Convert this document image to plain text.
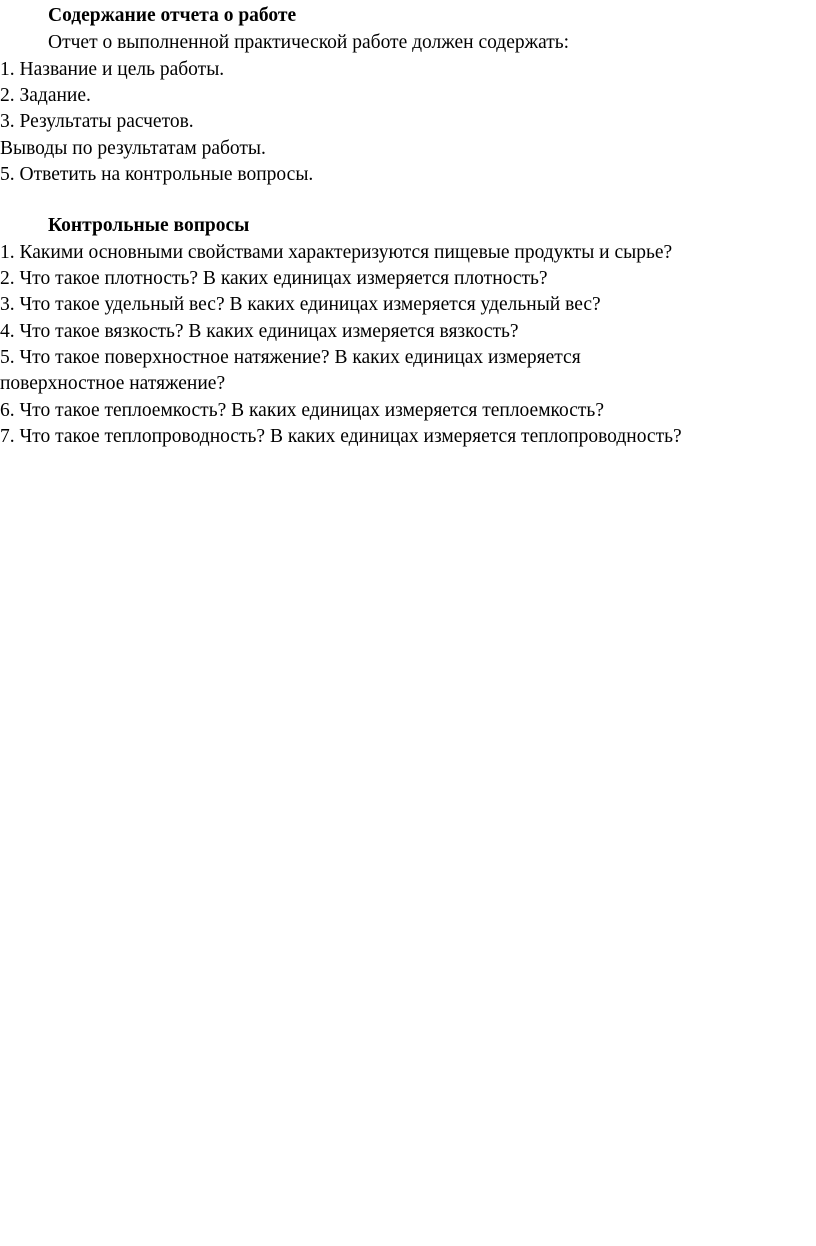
Содержание отчета о работе
Отчет о выполненной практической работе должен содержать:
1. Название и цель работы.
2. Задание.
3. Результаты расчетов.
Выводы по результатам работы.
5. Ответить на контрольные вопросы.
Контрольные вопросы
1. Какими основными свойствами характеризуются пищевые продукты и сырье?
2. Что такое плотность? В каких единицах измеряется плотность?
3. Что такое удельный вес? В каких единицах измеряется удельный вес?
4. Что такое вязкость? В каких единицах измеряется вязкость?
5. Что такое поверхностное натяжение? В каких единицах измеряется
поверхностное натяжение?
6. Что такое теплоемкость? В каких единицах измеряется теплоемкость?
7. Что такое теплопроводность? В каких единицах измеряется теплопроводность?
